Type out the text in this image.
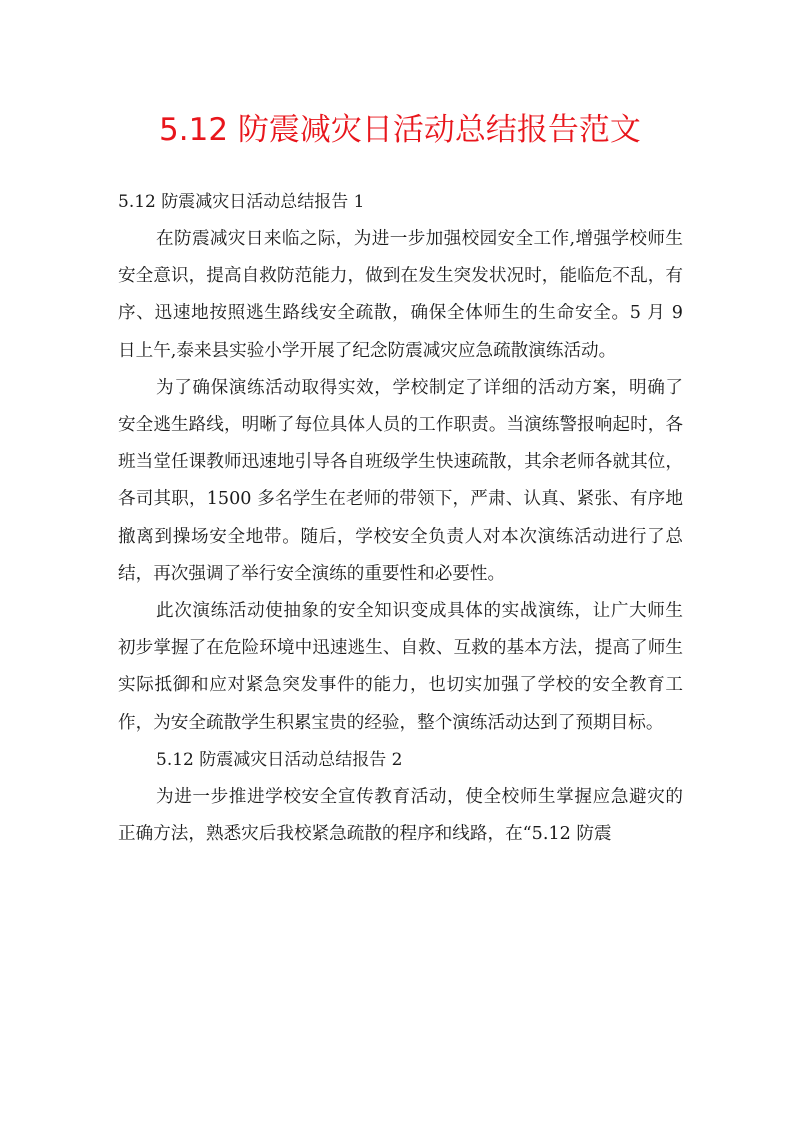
5.12 防震减灾日活动总结报告范文

5.12 防震减灾日活动总结报告 1

在防震减灾日来临之际，为进一步加强校园安全工作,增强学校师生安全意识，提高自救防范能力，做到在发生突发状况时，能临危不乱，有序、迅速地按照逃生路线安全疏散，确保全体师生的生命安全。5 月 9 日上午,泰来县实验小学开展了纪念防震减灾应急疏散演练活动。

为了确保演练活动取得实效，学校制定了详细的活动方案，明确了安全逃生路线，明晰了每位具体人员的工作职责。当演练警报响起时，各班当堂任课教师迅速地引导各自班级学生快速疏散，其余老师各就其位，各司其职，1500 多名学生在老师的带领下，严肃、认真、紧张、有序地撤离到操场安全地带。随后，学校安全负责人对本次演练活动进行了总结，再次强调了举行安全演练的重要性和必要性。

此次演练活动使抽象的安全知识变成具体的实战演练，让广大师生初步掌握了在危险环境中迅速逃生、自救、互救的基本方法，提高了师生实际抵御和应对紧急突发事件的能力，也切实加强了学校的安全教育工作，为安全疏散学生积累宝贵的经验，整个演练活动达到了预期目标。

5.12 防震减灾日活动总结报告 2

为进一步推进学校安全宣传教育活动，使全校师生掌握应急避灾的正确方法，熟悉灾后我校紧急疏散的程序和线路，在“5.12 防震
